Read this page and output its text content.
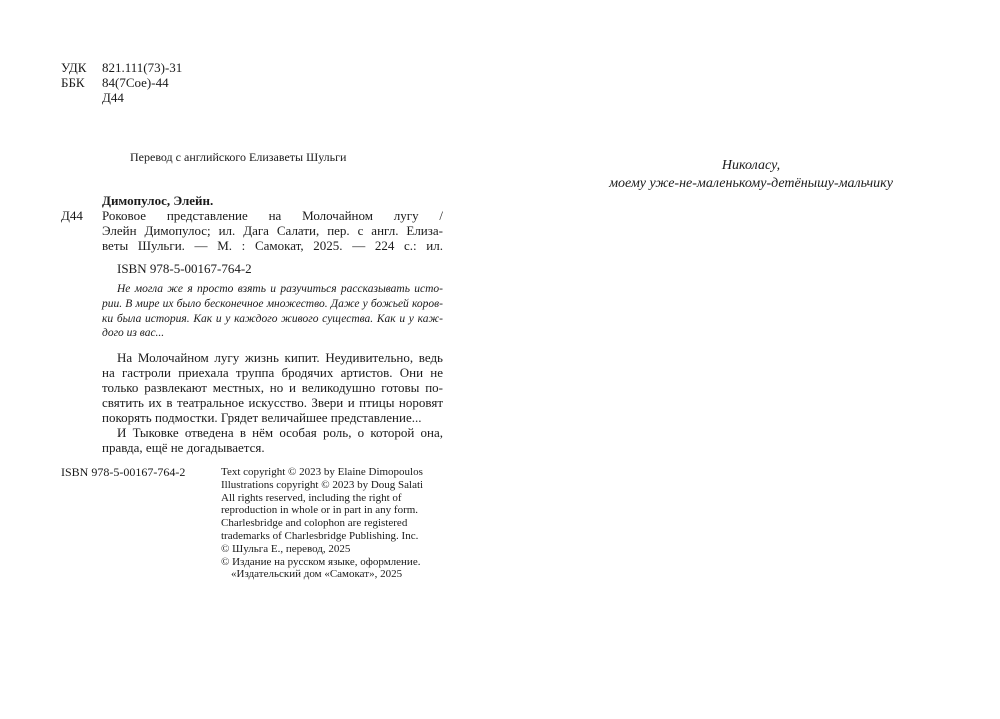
УДК 821.111(73)-31
ББК 84(7Сое)-44
Д44
Перевод с английского Елизаветы Шульги
Николасу,
моему уже-не-маленькому-детёнышу-мальчику
Димопулос, Элейн.
Д44 Роковое представление на Молочайном лугу /
Элейн Димопулос; ил. Дага Салати, пер. с англ. Елиза-
веты Шульги. — М. : Самокат, 2025. — 224 с.: ил.
ISBN 978-5-00167-764-2
Не могла же я просто взять и разучиться рассказывать исто-
рии. В мире их было бесконечное множество. Даже у божьей коров-
ки была история. Как и у каждого живого существа. Как и у каж-
дого из вас...
На Молочайном лугу жизнь кипит. Неудивительно, ведь
на гастроли приехала труппа бродячих артистов. Они не
только развлекают местных, но и великодушно готовы по-
святить их в театральное искусство. Звери и птицы норовят
покорять подмостки. Грядет величайшее представление...
И Тыковке отведена в нём особая роль, о которой она,
правда, ещё не догадывается.
ISBN 978-5-00167-764-2	Text copyright © 2023 by Elaine Dimopoulos
Illustrations copyright © 2023 by Doug Salati
All rights reserved, including the right of
reproduction in whole or in part in any form.
Charlesbridge and colophon are registered
trademarks of Charlesbridge Publishing. Inc.
© Шульга Е., перевод, 2025
© Издание на русском языке, оформление.
«Издательский дом «Самокат», 2025
